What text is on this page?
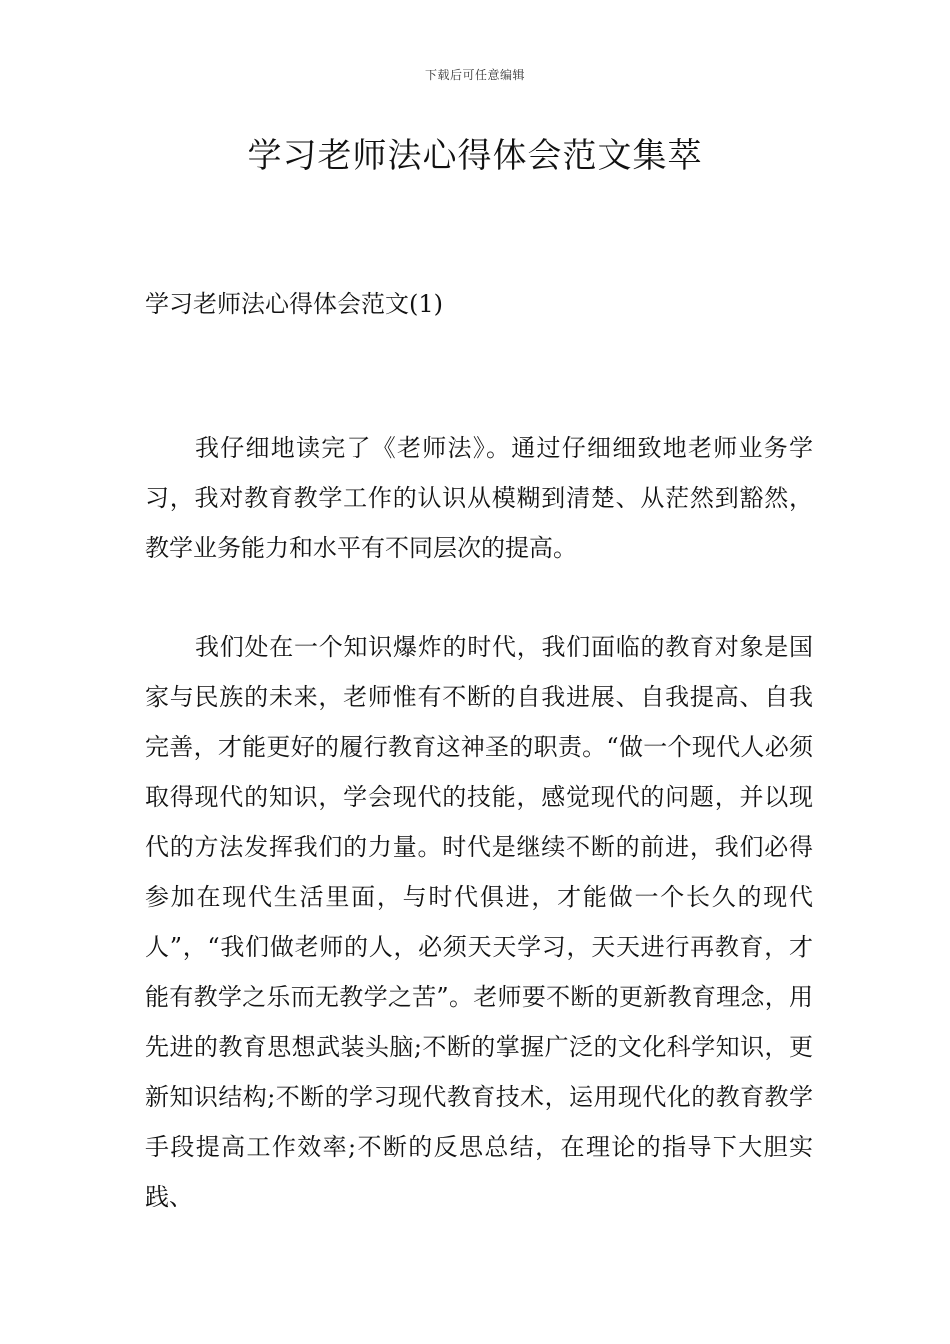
下载后可任意编辑
学习老师法心得体会范文集萃
学习老师法心得体会范文(1)

我仔细地读完了《老师法》。通过仔细细致地老师业务学习，我对教育教学工作的认识从模糊到清楚、从茫然到豁然，教学业务能力和水平有不同层次的提高。

我们处在一个知识爆炸的时代，我们面临的教育对象是国家与民族的未来，老师惟有不断的自我进展、自我提高、自我完善，才能更好的履行教育这神圣的职责。“做一个现代人必须取得现代的知识，学会现代的技能，感觉现代的问题，并以现代的方法发挥我们的力量。时代是继续不断的前进，我们必得参加在现代生活里面，与时代俱进，才能做一个长久的现代人”，“我们做老师的人，必须天天学习，天天进行再教育，才能有教学之乐而无教学之苦”。老师要不断的更新教育理念，用先进的教育思想武装头脑;不断的掌握广泛的文化科学知识，更新知识结构;不断的学习现代教育技术，运用现代化的教育教学手段提高工作效率;不断的反思总结，在理论的指导下大胆实践、
